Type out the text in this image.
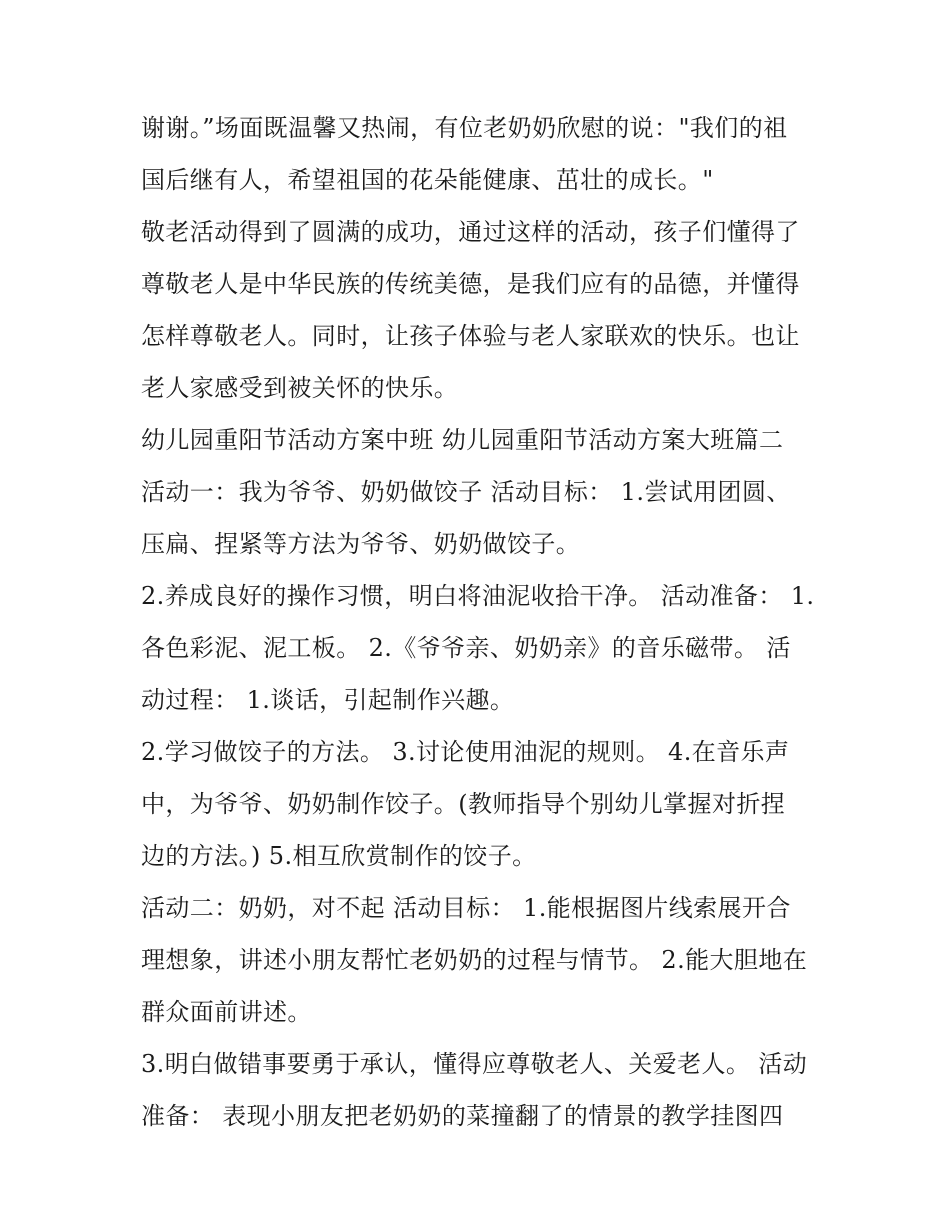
谢谢。”场面既温馨又热闹，有位老奶奶欣慰的说："我们的祖
国后继有人，希望祖国的花朵能健康、茁壮的成长。"
敬老活动得到了圆满的成功，通过这样的活动，孩子们懂得了
尊敬老人是中华民族的传统美德，是我们应有的品德，并懂得
怎样尊敬老人。同时，让孩子体验与老人家联欢的快乐。也让
老人家感受到被关怀的快乐。
幼儿园重阳节活动方案中班 幼儿园重阳节活动方案大班篇二
活动一：我为爷爷、奶奶做饺子 活动目标： 1.尝试用团圆、
压扁、捏紧等方法为爷爷、奶奶做饺子。
2.养成良好的操作习惯，明白将油泥收拾干净。 活动准备： 1.
各色彩泥、泥工板。 2.《爷爷亲、奶奶亲》的音乐磁带。 活
动过程： 1.谈话，引起制作兴趣。
2.学习做饺子的方法。 3.讨论使用油泥的规则。 4.在音乐声
中，为爷爷、奶奶制作饺子。(教师指导个别幼儿掌握对折捏
边的方法。) 5.相互欣赏制作的饺子。
活动二：奶奶，对不起 活动目标： 1.能根据图片线索展开合
理想象，讲述小朋友帮忙老奶奶的过程与情节。 2.能大胆地在
群众面前讲述。
3.明白做错事要勇于承认，懂得应尊敬老人、关爱老人。 活动
准备： 表现小朋友把老奶奶的菜撞翻了的情景的教学挂图四
